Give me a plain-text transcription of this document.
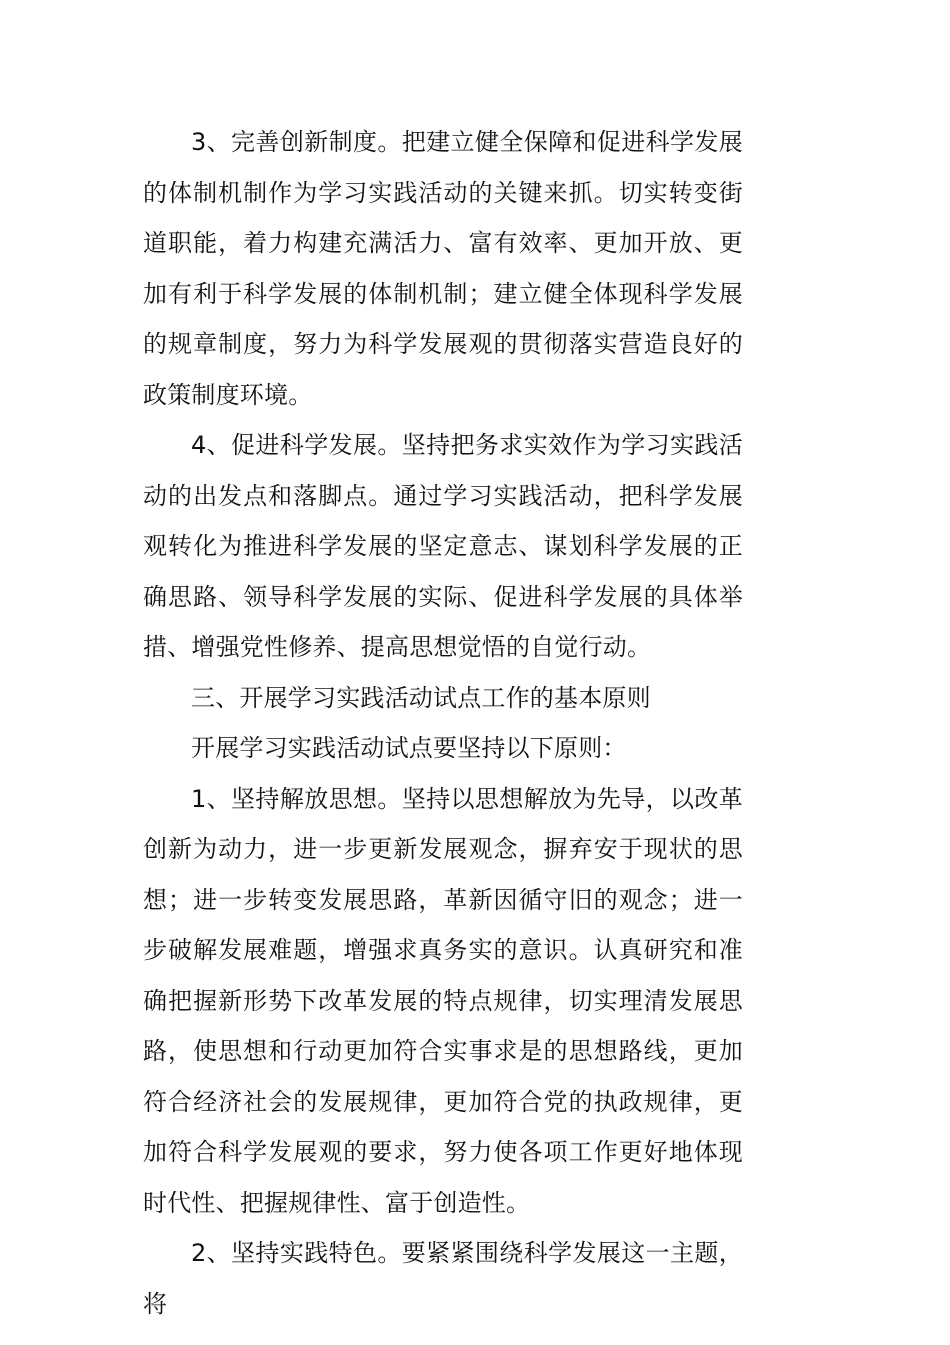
3、完善创新制度。把建立健全保障和促进科学发展的体制机制作为学习实践活动的关键来抓。切实转变街道职能，着力构建充满活力、富有效率、更加开放、更加有利于科学发展的体制机制；建立健全体现科学发展的规章制度，努力为科学发展观的贯彻落实营造良好的政策制度环境。

4、促进科学发展。坚持把务求实效作为学习实践活动的出发点和落脚点。通过学习实践活动，把科学发展观转化为推进科学发展的坚定意志、谋划科学发展的正确思路、领导科学发展的实际、促进科学发展的具体举措、增强党性修养、提高思想觉悟的自觉行动。

三、开展学习实践活动试点工作的基本原则

开展学习实践活动试点要坚持以下原则：

1、坚持解放思想。坚持以思想解放为先导，以改革创新为动力，进一步更新发展观念，摒弃安于现状的思想；进一步转变发展思路，革新因循守旧的观念；进一步破解发展难题，增强求真务实的意识。认真研究和准确把握新形势下改革发展的特点规律，切实理清发展思路，使思想和行动更加符合实事求是的思想路线，更加符合经济社会的发展规律，更加符合党的执政规律，更加符合科学发展观的要求，努力使各项工作更好地体现时代性、把握规律性、富于创造性。

2、坚持实践特色。要紧紧围绕科学发展这一主题，将
